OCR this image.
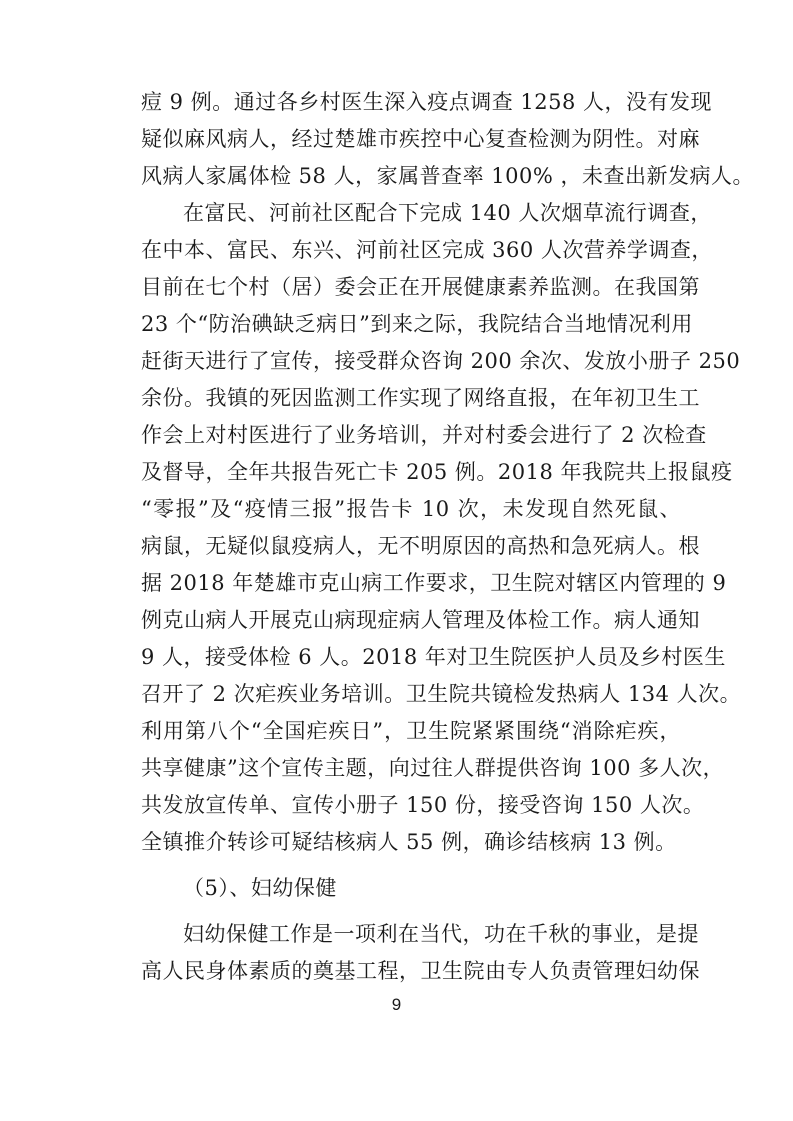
痘 9 例。通过各乡村医生深入疫点调查 1258 人，没有发现
疑似麻风病人，经过楚雄市疾控中心复查检测为阴性。对麻
风病人家属体检 58 人，家属普查率 100% ，未查出新发病人。
在富民、河前社区配合下完成 140 人次烟草流行调查，
在中本、富民、东兴、河前社区完成 360 人次营养学调查，
目前在七个村（居）委会正在开展健康素养监测。在我国第
23 个“防治碘缺乏病日”到来之际，我院结合当地情况利用
赶街天进行了宣传，接受群众咨询 200 余次、发放小册子 250
余份。我镇的死因监测工作实现了网络直报，在年初卫生工
作会上对村医进行了业务培训，并对村委会进行了 2 次检查
及督导，全年共报告死亡卡 205 例。2018 年我院共上报鼠疫
“零报”及“疫情三报”报告卡 10 次，未发现自然死鼠、
病鼠，无疑似鼠疫病人，无不明原因的高热和急死病人。根
据 2018 年楚雄市克山病工作要求，卫生院对辖区内管理的 9
例克山病人开展克山病现症病人管理及体检工作。病人通知
9 人，接受体检 6 人。2018 年对卫生院医护人员及乡村医生
召开了 2 次疟疾业务培训。卫生院共镜检发热病人 134 人次。
利用第八个“全国疟疾日”，卫生院紧紧围绕“消除疟疾，
共享健康”这个宣传主题，向过往人群提供咨询 100 多人次，
共发放宣传单、宣传小册子 150 份，接受咨询 150 人次。
全镇推介转诊可疑结核病人 55 例，确诊结核病 13 例。
（5）、妇幼保健
妇幼保健工作是一项利在当代，功在千秋的事业，是提
高人民身体素质的奠基工程，卫生院由专人负责管理妇幼保
9
